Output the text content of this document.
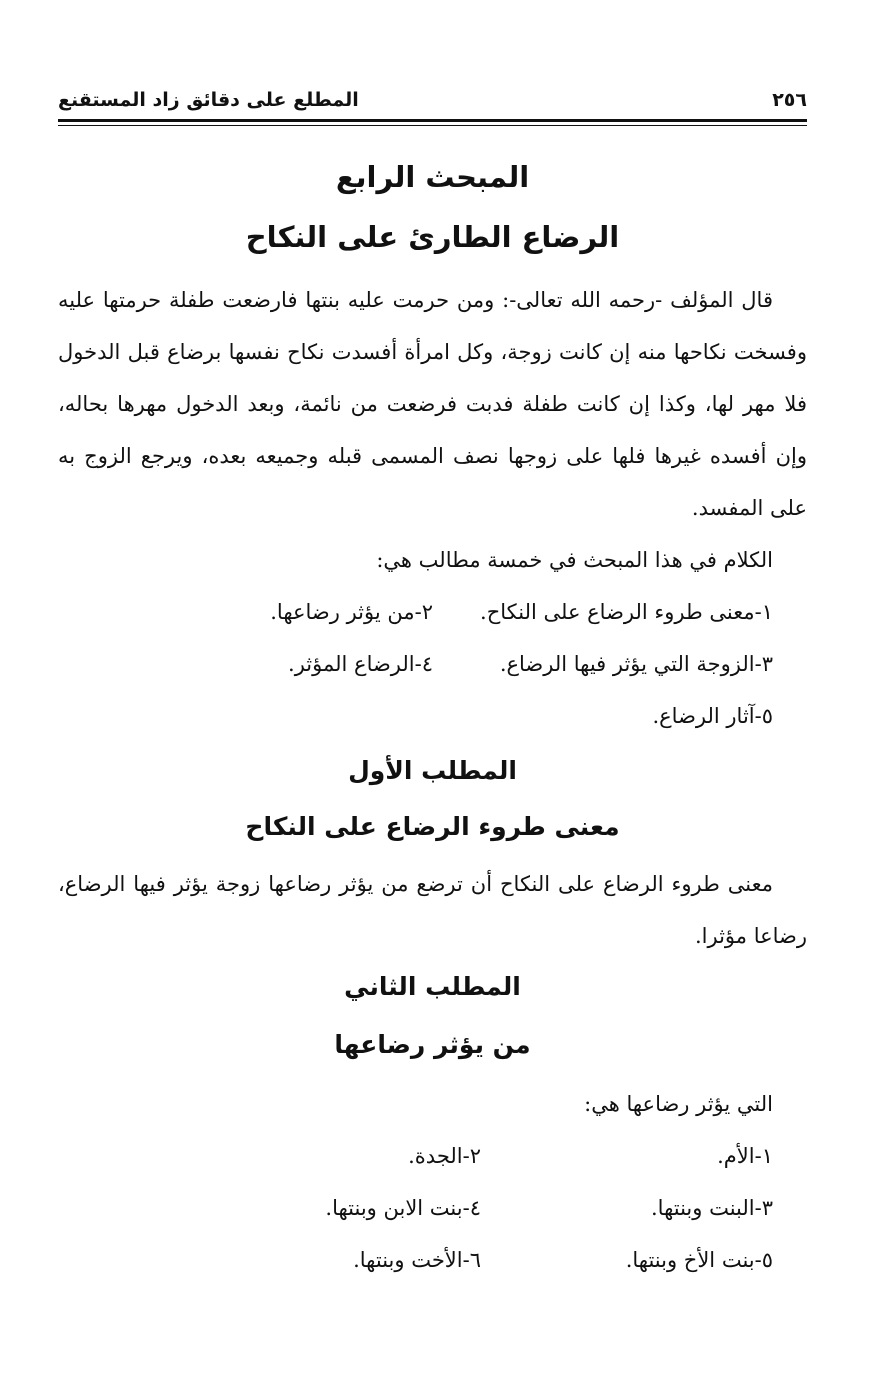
٢٥٦
المطلع على دقائق زاد المستقنع
المبحث الرابع
الرضاع الطارئ على النكاح

قال المؤلف -رحمه الله تعالى-: ومن حرمت عليه بنتها فارضعت طفلة حرمتها عليه وفسخت نكاحها منه إن كانت زوجة، وكل امرأة أفسدت نكاح نفسها برضاع قبل الدخول فلا مهر لها، وكذا إن كانت طفلة فدبت فرضعت من نائمة، وبعد الدخول مهرها بحاله، وإن أفسده غيرها فلها على زوجها نصف المسمى قبله وجميعه بعده، ويرجع الزوج به على المفسد.

الكلام في هذا المبحث في خمسة مطالب هي:

١-معنى طروء الرضاع على النكاح.
٢-من يؤثر رضاعها.
٣-الزوجة التي يؤثر فيها الرضاع.
٤-الرضاع المؤثر.
٥-آثار الرضاع.
المطلب الأول
معنى طروء الرضاع على النكاح

معنى طروء الرضاع على النكاح أن ترضع من يؤثر رضاعها زوجة يؤثر فيها الرضاع، رضاعا مؤثرا.

المطلب الثاني
من يؤثر رضاعها

التي يؤثر رضاعها هي:

١-الأم.
٢-الجدة.
٣-البنت وبنتها.
٤-بنت الابن وبنتها.
٥-بنت الأخ وبنتها.
٦-الأخت وبنتها.
